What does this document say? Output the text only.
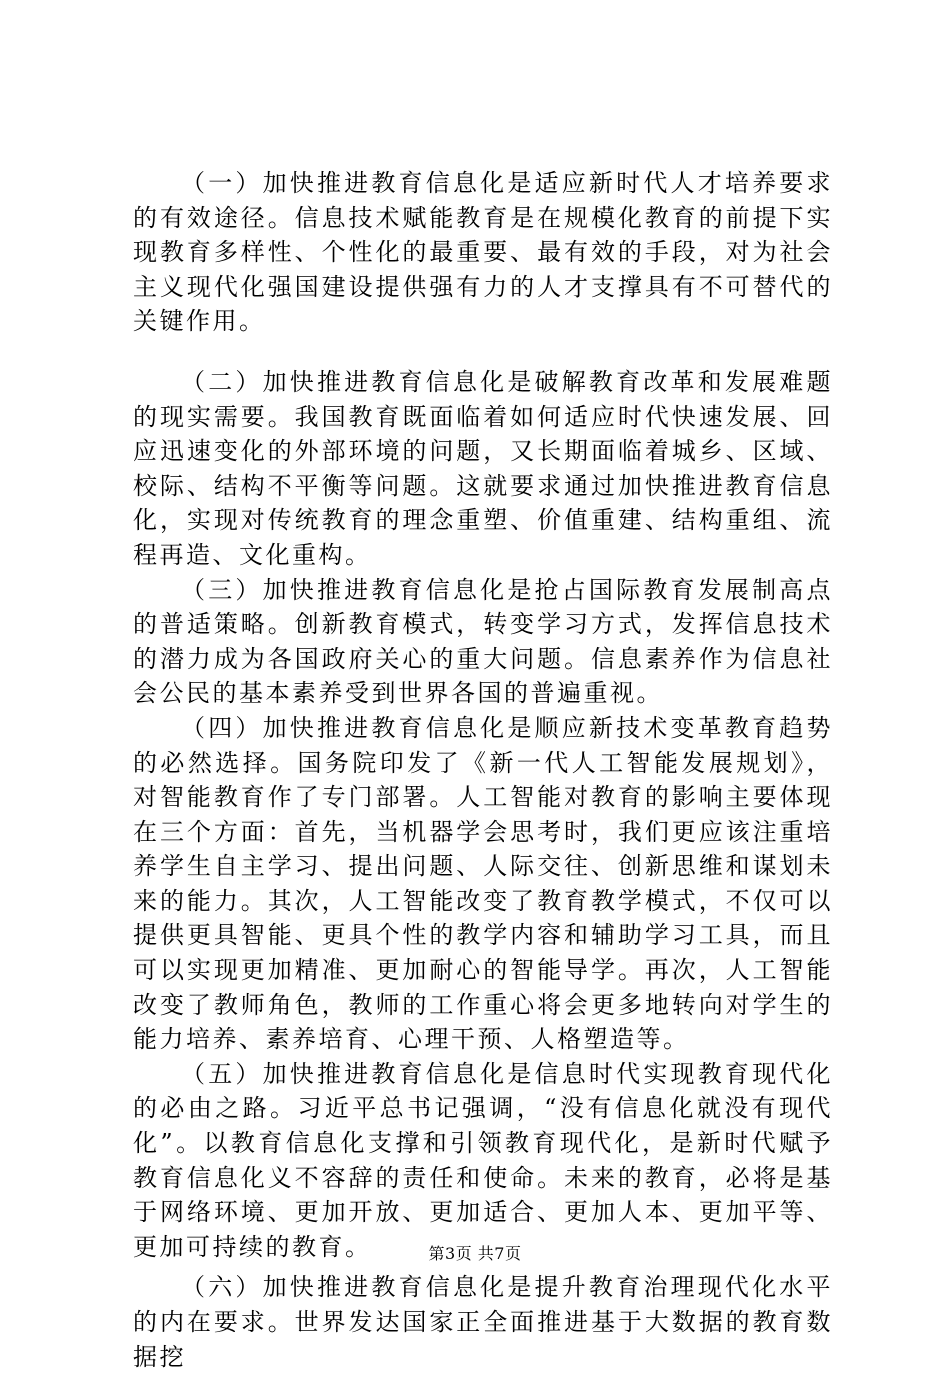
（一）加快推进教育信息化是适应新时代人才培养要求的有效途径。信息技术赋能教育是在规模化教育的前提下实现教育多样性、个性化的最重要、最有效的手段，对为社会主义现代化强国建设提供强有力的人才支撑具有不可替代的关键作用。

（二）加快推进教育信息化是破解教育改革和发展难题的现实需要。我国教育既面临着如何适应时代快速发展、回应迅速变化的外部环境的问题，又长期面临着城乡、区域、校际、结构不平衡等问题。这就要求通过加快推进教育信息化，实现对传统教育的理念重塑、价值重建、结构重组、流程再造、文化重构。

（三）加快推进教育信息化是抢占国际教育发展制高点的普适策略。创新教育模式，转变学习方式，发挥信息技术的潜力成为各国政府关心的重大问题。信息素养作为信息社会公民的基本素养受到世界各国的普遍重视。

（四）加快推进教育信息化是顺应新技术变革教育趋势的必然选择。国务院印发了《新一代人工智能发展规划》，对智能教育作了专门部署。人工智能对教育的影响主要体现在三个方面：首先，当机器学会思考时，我们更应该注重培养学生自主学习、提出问题、人际交往、创新思维和谋划未来的能力。其次，人工智能改变了教育教学模式，不仅可以提供更具智能、更具个性的教学内容和辅助学习工具，而且可以实现更加精准、更加耐心的智能导学。再次，人工智能改变了教师角色，教师的工作重心将会更多地转向对学生的能力培养、素养培育、心理干预、人格塑造等。

（五）加快推进教育信息化是信息时代实现教育现代化的必由之路。习近平总书记强调，“没有信息化就没有现代化”。以教育信息化支撑和引领教育现代化，是新时代赋予教育信息化义不容辞的责任和使命。未来的教育，必将是基于网络环境、更加开放、更加适合、更加人本、更加平等、更加可持续的教育。

（六）加快推进教育信息化是提升教育治理现代化水平的内在要求。世界发达国家正全面推进基于大数据的教育数据挖

第3页 共7页
